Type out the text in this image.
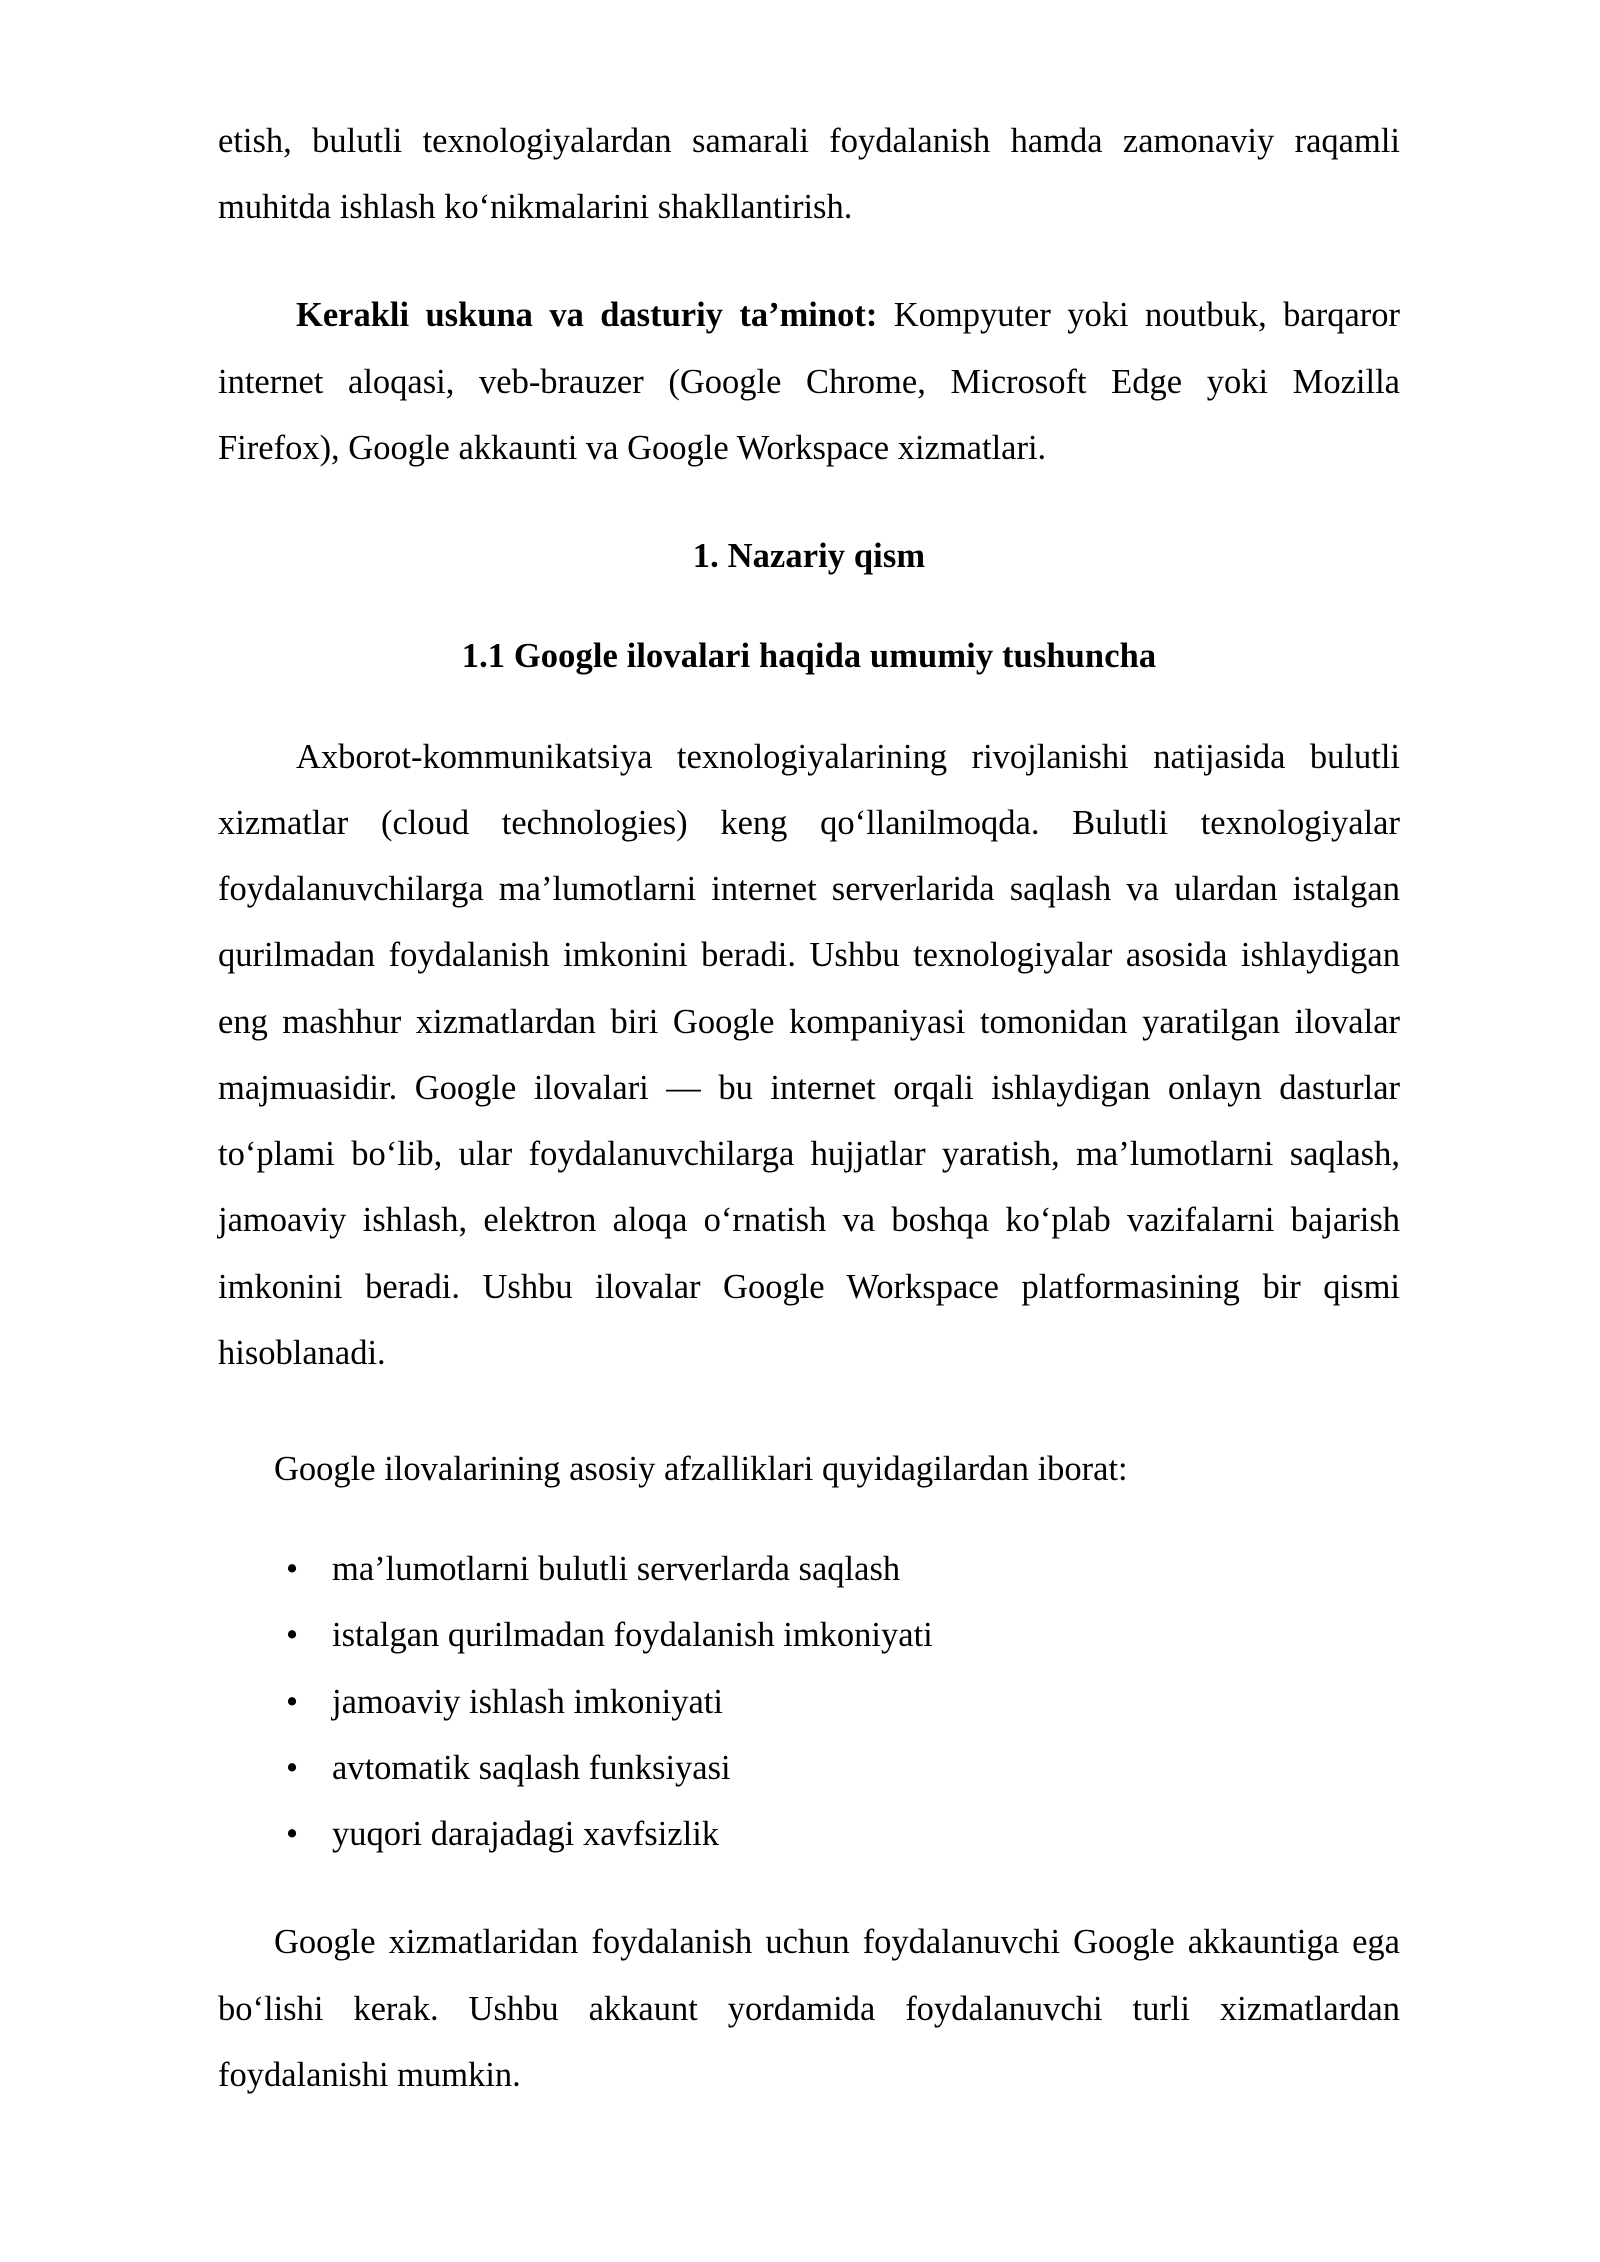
etish, bulutli texnologiyalardan samarali foydalanish hamda zamonaviy raqamli muhitda ishlash ko‘nikmalarini shakllantirish.

Kerakli uskuna va dasturiy ta’minot: Kompyuter yoki noutbuk, barqaror internet aloqasi, veb-brauzer (Google Chrome, Microsoft Edge yoki Mozilla Firefox), Google akkaunti va Google Workspace xizmatlari.

1. Nazariy qism
1.1 Google ilovalari haqida umumiy tushuncha

Axborot-kommunikatsiya texnologiyalarining rivojlanishi natijasida bulutli xizmatlar (cloud technologies) keng qo‘llanilmoqda. Bulutli texnologiyalar foydalanuvchilarga ma’lumotlarni internet serverlarida saqlash va ulardan istalgan qurilmadan foydalanish imkonini beradi. Ushbu texnologiyalar asosida ishlaydigan eng mashhur xizmatlardan biri Google kompaniyasi tomonidan yaratilgan ilovalar majmuasidir. Google ilovalari — bu internet orqali ishlaydigan onlayn dasturlar to‘plami bo‘lib, ular foydalanuvchilarga hujjatlar yaratish, ma’lumotlarni saqlash, jamoaviy ishlash, elektron aloqa o‘rnatish va boshqa ko‘plab vazifalarni bajarish imkonini beradi. Ushbu ilovalar Google Workspace platformasining bir qismi hisoblanadi.

Google ilovalarining asosiy afzalliklari quyidagilardan iborat:

• ma’lumotlarni bulutli serverlarda saqlash
• istalgan qurilmadan foydalanish imkoniyati
• jamoaviy ishlash imkoniyati
• avtomatik saqlash funksiyasi
• yuqori darajadagi xavfsizlik

Google xizmatlaridan foydalanish uchun foydalanuvchi Google akkauntiga ega bo‘lishi kerak. Ushbu akkaunt yordamida foydalanuvchi turli xizmatlardan foydalanishi mumkin.
